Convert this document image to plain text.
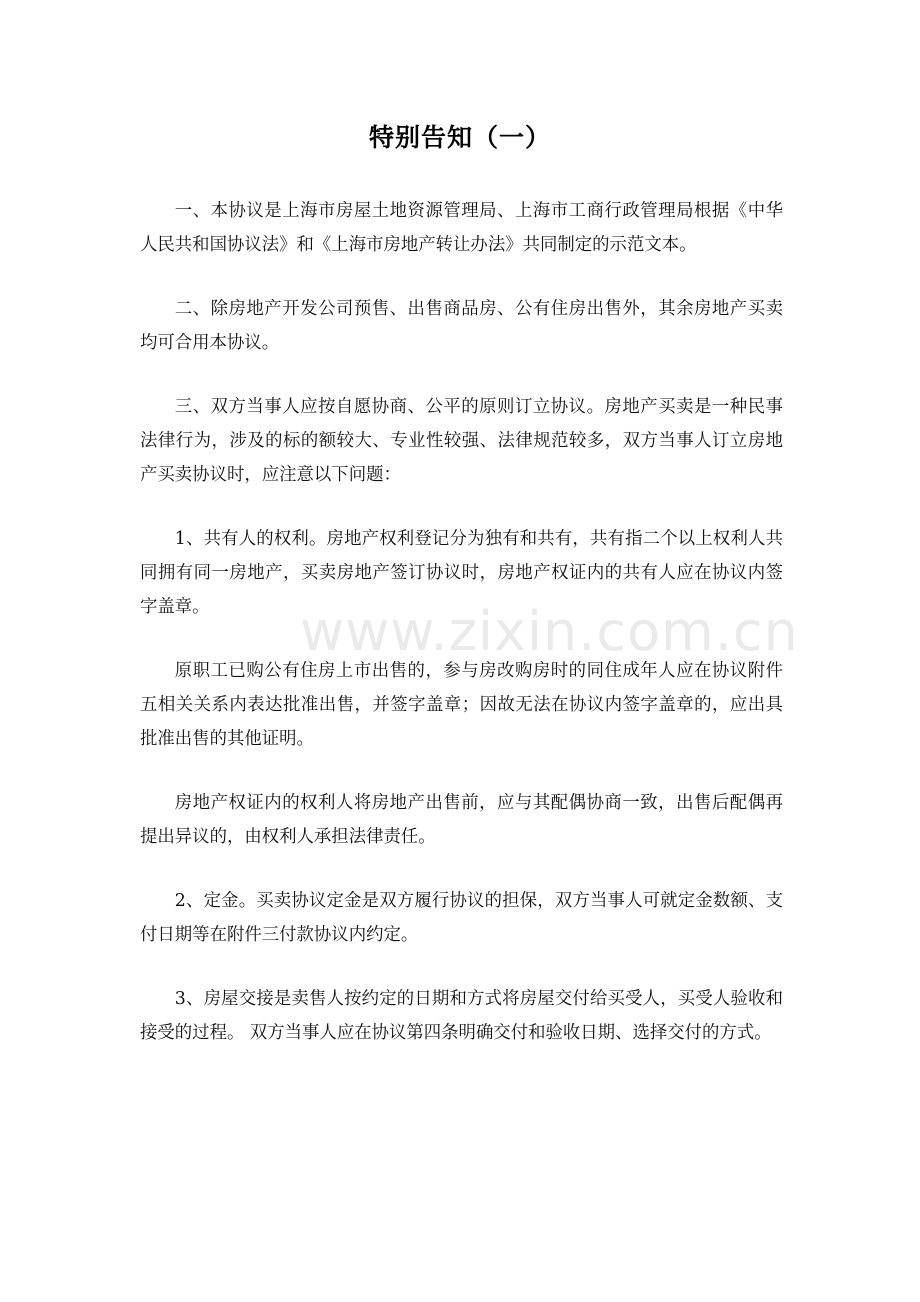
特别告知（一）

一、本协议是上海市房屋土地资源管理局、上海市工商行政管理局根据《中华人民共和国协议法》和《上海市房地产转让办法》共同制定的示范文本。

二、除房地产开发公司预售、出售商品房、公有住房出售外，其余房地产买卖均可合用本协议。

三、双方当事人应按自愿协商、公平的原则订立协议。房地产买卖是一种民事法律行为，涉及的标的额较大、专业性较强、法律规范较多，双方当事人订立房地产买卖协议时，应注意以下问题：

1、共有人的权利。房地产权利登记分为独有和共有，共有指二个以上权利人共同拥有同一房地产，买卖房地产签订协议时，房地产权证内的共有人应在协议内签字盖章。

原职工已购公有住房上市出售的，参与房改购房时的同住成年人应在协议附件五相关关系内表达批准出售，并签字盖章；因故无法在协议内签字盖章的，应出具批准出售的其他证明。

房地产权证内的权利人将房地产出售前，应与其配偶协商一致，出售后配偶再提出异议的，由权利人承担法律责任。

2、定金。买卖协议定金是双方履行协议的担保，双方当事人可就定金数额、支付日期等在附件三付款协议内约定。

3、房屋交接是卖售人按约定的日期和方式将房屋交付给买受人，买受人验收和接受的过程。 双方当事人应在协议第四条明确交付和验收日期、选择交付的方式。

www.zixin.com.cn
